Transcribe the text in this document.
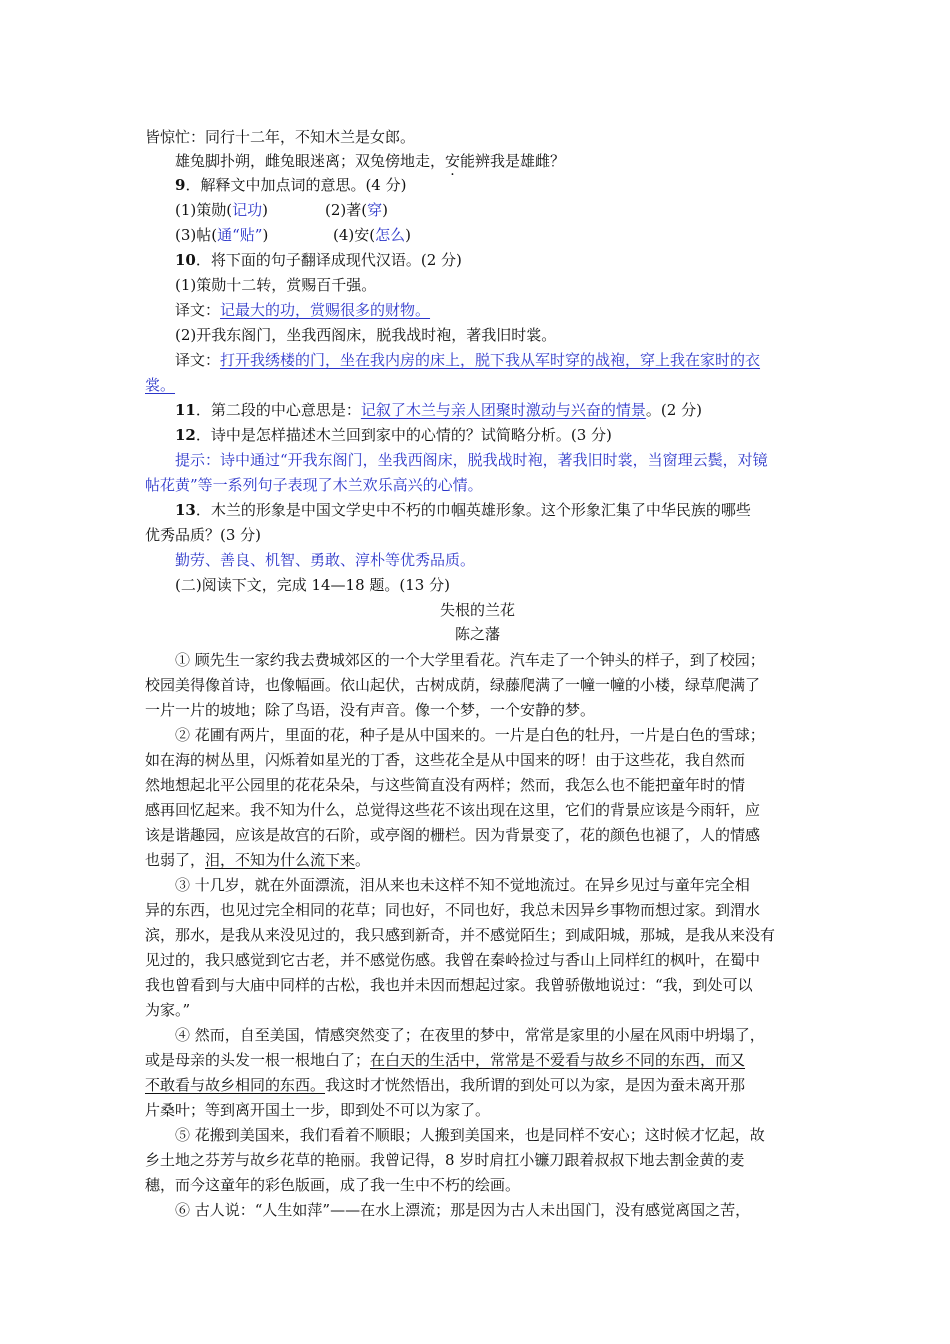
皆惊忙：同行十二年，不知木兰是女郎。
雄兔脚扑朔，雌兔眼迷离；双兔傍地走，安能辨我是雄雌？
9．解释文中加点词的意思。(4 分)
(1)策勋(记功)	(2)著(穿)
(3)帖(通“贴”)	(4)安(怎么)
10．将下面的句子翻译成现代汉语。(2 分)
(1)策勋十二转，赏赐百千强。
译文：记最大的功，赏赐很多的财物。
(2)开我东阁门，坐我西阁床，脱我战时袍，著我旧时裳。
译文：打开我绣楼的门，坐在我内房的床上，脱下我从军时穿的战袍，穿上我在家时的衣
裳。
11．第二段的中心意思是：记叙了木兰与亲人团聚时激动与兴奋的情景。(2 分)
12．诗中是怎样描述木兰回到家中的心情的？试简略分析。(3 分)
提示：诗中通过“开我东阁门，坐我西阁床，脱我战时袍，著我旧时裳，当窗理云鬓，对镜
帖花黄”等一系列句子表现了木兰欢乐高兴的心情。
13．木兰的形象是中国文学史中不朽的巾帼英雄形象。这个形象汇集了中华民族的哪些
优秀品质？(3 分)
勤劳、善良、机智、勇敢、淳朴等优秀品质。
(二)阅读下文，完成 14—18 题。(13 分)
失根的兰花
陈之藩
① 顾先生一家约我去费城郊区的一个大学里看花。汽车走了一个钟头的样子，到了校园；
校园美得像首诗，也像幅画。依山起伏，古树成荫，绿藤爬满了一幢一幢的小楼，绿草爬满了
一片一片的坡地；除了鸟语，没有声音。像一个梦，一个安静的梦。
② 花圃有两片，里面的花，种子是从中国来的。一片是白色的牡丹，一片是白色的雪球；
如在海的树丛里，闪烁着如星光的丁香，这些花全是从中国来的呀！由于这些花，我自然而
然地想起北平公园里的花花朵朵，与这些简直没有两样；然而，我怎么也不能把童年时的情
感再回忆起来。我不知为什么，总觉得这些花不该出现在这里，它们的背景应该是今雨轩，应
该是谐趣园，应该是故宫的石阶，或亭阁的栅栏。因为背景变了，花的颜色也褪了，人的情感
也弱了，泪，不知为什么流下来。
③ 十几岁，就在外面漂流，泪从来也未这样不知不觉地流过。在异乡见过与童年完全相
异的东西，也见过完全相同的花草；同也好，不同也好，我总未因异乡事物而想过家。到渭水
滨，那水，是我从来没见过的，我只感到新奇，并不感觉陌生；到咸阳城，那城，是我从来没有
见过的，我只感觉到它古老，并不感觉伤感。我曾在秦岭捡过与香山上同样红的枫叶，在蜀中
我也曾看到与大庙中同样的古松，我也并未因而想起过家。我曾骄傲地说过：“我，到处可以
为家。”
④ 然而，自至美国，情感突然变了；在夜里的梦中，常常是家里的小屋在风雨中坍塌了，
或是母亲的头发一根一根地白了；在白天的生活中，常常是不爱看与故乡不同的东西，而又
不敢看与故乡相同的东西。我这时才恍然悟出，我所谓的到处可以为家，是因为蚕未离开那
片桑叶；等到离开国土一步，即到处不可以为家了。
⑤ 花搬到美国来，我们看着不顺眼；人搬到美国来，也是同样不安心；这时候才忆起，故
乡土地之芬芳与故乡花草的艳丽。我曾记得，8 岁时肩扛小镰刀跟着叔叔下地去割金黄的麦
穗，而今这童年的彩色版画，成了我一生中不朽的绘画。
⑥ 古人说：“人生如萍”——在水上漂流；那是因为古人未出国门，没有感觉离国之苦，
